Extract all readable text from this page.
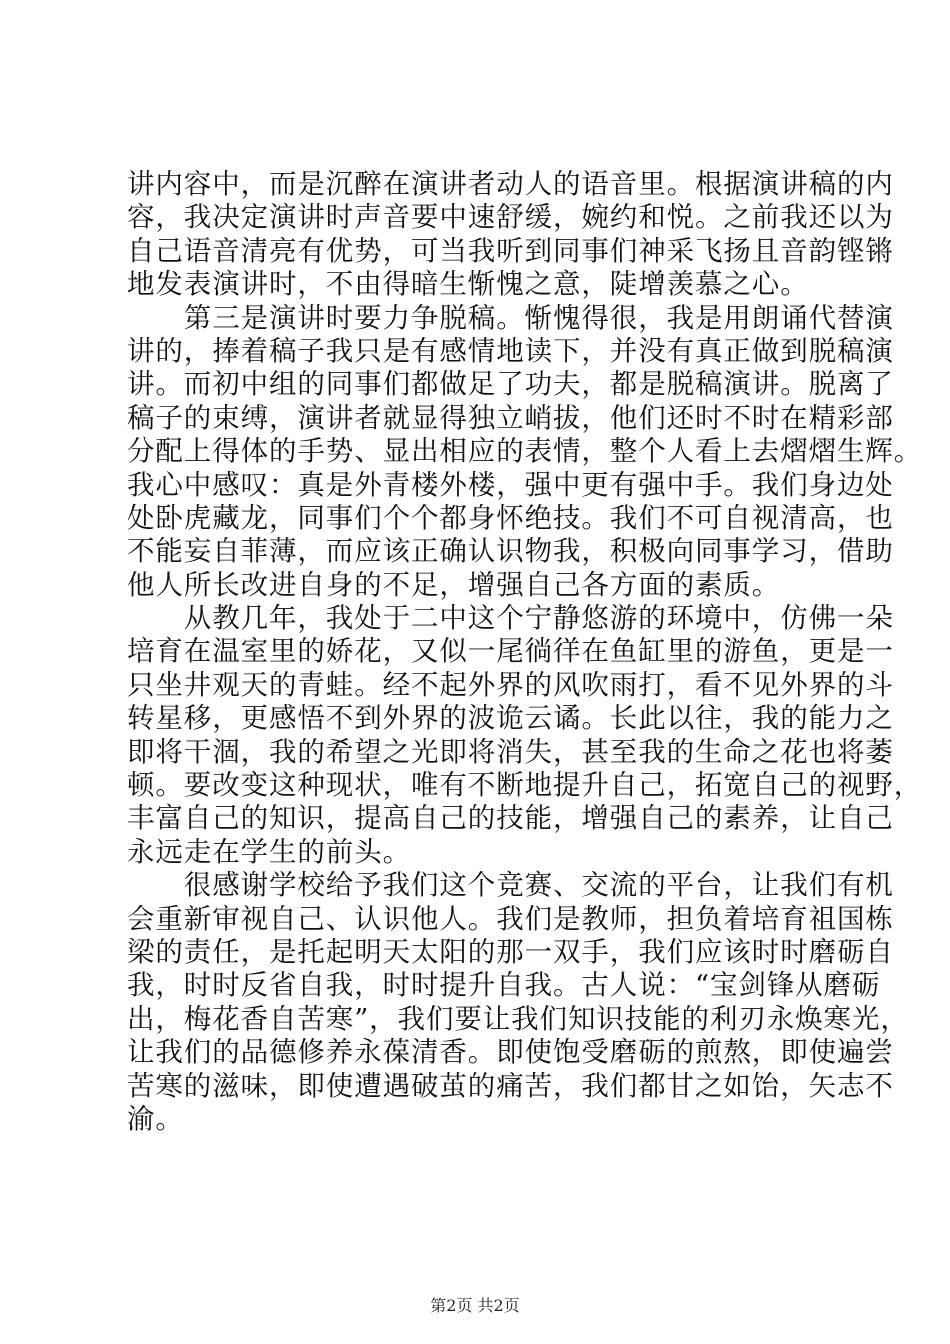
讲内容中，而是沉醉在演讲者动人的语音里。根据演讲稿的内
容，我决定演讲时声音要中速舒缓，婉约和悦。之前我还以为
自己语音清亮有优势，可当我听到同事们神采飞扬且音韵铿锵
地发表演讲时，不由得暗生惭愧之意，陡增羡慕之心。
　　第三是演讲时要力争脱稿。惭愧得很，我是用朗诵代替演
讲的，捧着稿子我只是有感情地读下，并没有真正做到脱稿演
讲。而初中组的同事们都做足了功夫，都是脱稿演讲。脱离了
稿子的束缚，演讲者就显得独立峭拔，他们还时不时在精彩部
分配上得体的手势、显出相应的表情，整个人看上去熠熠生辉。
我心中感叹：真是外青楼外楼，强中更有强中手。我们身边处
处卧虎藏龙，同事们个个都身怀绝技。我们不可自视清高，也
不能妄自菲薄，而应该正确认识物我，积极向同事学习，借助
他人所长改进自身的不足，增强自己各方面的素质。
　　从教几年，我处于二中这个宁静悠游的环境中，仿佛一朵
培育在温室里的娇花，又似一尾徜徉在鱼缸里的游鱼，更是一
只坐井观天的青蛙。经不起外界的风吹雨打，看不见外界的斗
转星移，更感悟不到外界的波诡云谲。长此以往，我的能力之
即将干涸，我的希望之光即将消失，甚至我的生命之花也将萎
顿。要改变这种现状，唯有不断地提升自己，拓宽自己的视野，
丰富自己的知识，提高自己的技能，增强自己的素养，让自己
永远走在学生的前头。
　　很感谢学校给予我们这个竞赛、交流的平台，让我们有机
会重新审视自己、认识他人。我们是教师，担负着培育祖国栋
梁的责任，是托起明天太阳的那一双手，我们应该时时磨砺自
我，时时反省自我，时时提升自我。古人说：“宝剑锋从磨砺
出，梅花香自苦寒”，我们要让我们知识技能的利刃永焕寒光，
让我们的品德修养永葆清香。即使饱受磨砺的煎熬，即使遍尝
苦寒的滋味，即使遭遇破茧的痛苦，我们都甘之如饴，矢志不
渝。
第2页 共2页
